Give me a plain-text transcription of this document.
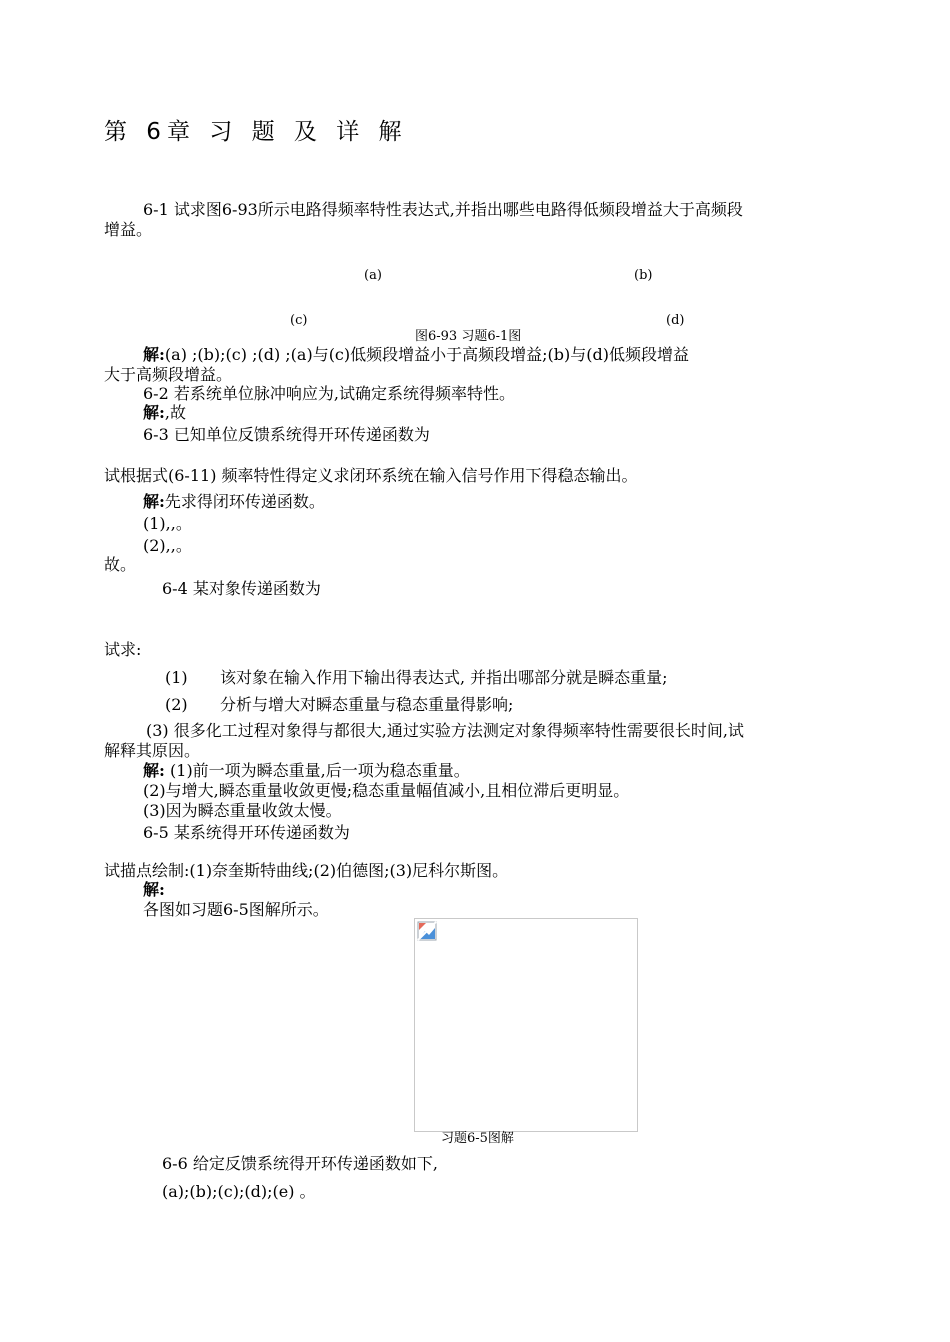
第 6章 习 题 及 详 解
6-1 试求图6-93所示电路得频率特性表达式,并指出哪些电路得低频段增益大于高频段
增益。
(a)	(b)
(c)	(d)
图6-93 习题6-1图
解:(a) ;(b);(c) ;(d) ;(a)与(c)低频段增益小于高频段增益;(b)与(d)低频段增益
大于高频段增益。
6-2 若系统单位脉冲响应为,试确定系统得频率特性。
解:,故
6-3 已知单位反馈系统得开环传递函数为
试根据式(6-11) 频率特性得定义求闭环系统在输入信号作用下得稳态输出。
解:先求得闭环传递函数。
(1),,。
(2),,。
故。
6-4 某对象传递函数为
试求:
(1) 该对象在输入作用下输出得表达式, 并指出哪部分就是瞬态重量;
(2) 分析与增大对瞬态重量与稳态重量得影响;
(3) 很多化工过程对象得与都很大,通过实验方法测定对象得频率特性需要很长时间,试
解释其原因。
解: (1)前一项为瞬态重量,后一项为稳态重量。
(2)与增大,瞬态重量收敛更慢;稳态重量幅值减小,且相位滞后更明显。
(3)因为瞬态重量收敛太慢。
6-5 某系统得开环传递函数为
试描点绘制:(1)奈奎斯特曲线;(2)伯德图;(3)尼科尔斯图。
解:
各图如习题6-5图解所示。
习题6-5图解
6-6 给定反馈系统得开环传递函数如下,
(a);(b);(c);(d);(e) 。
